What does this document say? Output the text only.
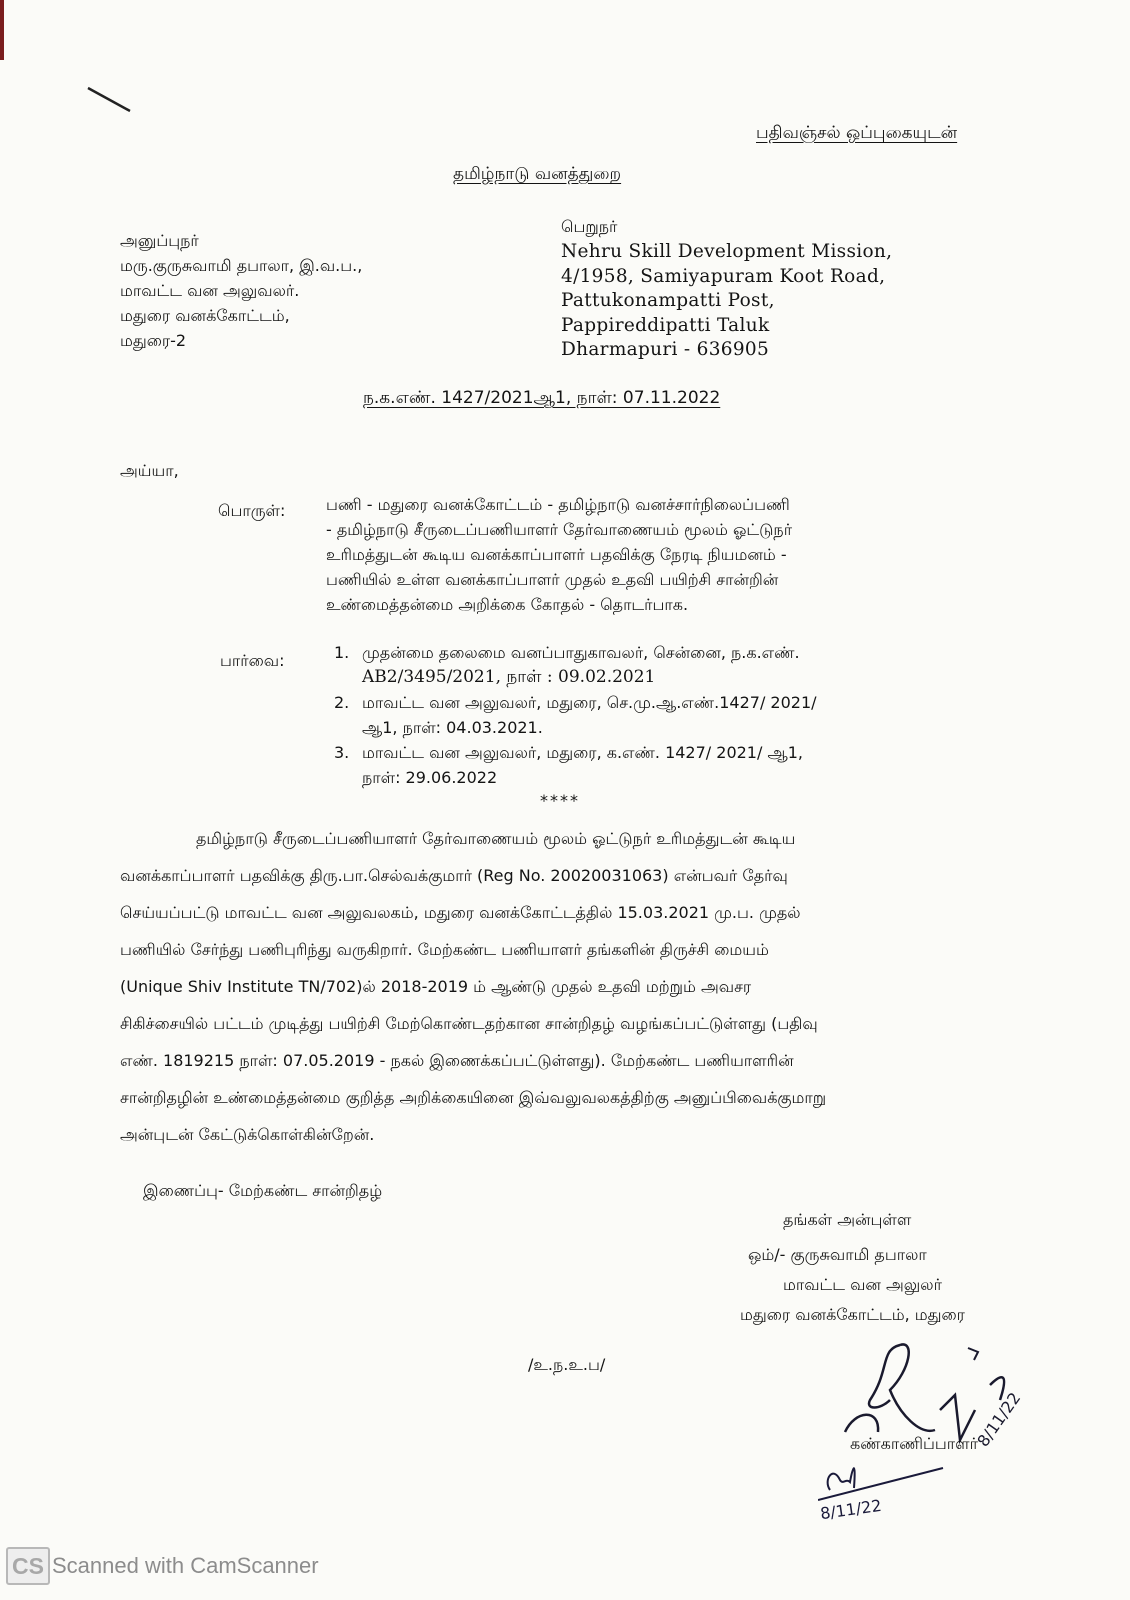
பதிவஞ்சல் ஒப்புகையுடன்
தமிழ்நாடு வனத்துறை
அனுப்புநர்
மரு.குருசுவாமி தபாலா, இ.வ.ப.,
மாவட்ட வன அலுவலர்.
மதுரை வனக்கோட்டம்,
மதுரை-2
பெறுநர்
Nehru Skill Development Mission,
4/1958, Samiyapuram Koot Road,
Pattukonampatti Post,
Pappireddipatti Taluk
Dharmapuri - 636905
ந.க.எண். 1427/2021ஆ1, நாள்: 07.11.2022
அய்யா,
பொருள்:	பணி - மதுரை வனக்கோட்டம் - தமிழ்நாடு வனச்சார்நிலைப்பணி
- தமிழ்நாடு சீருடைப்பணியாளர் தேர்வாணையம் மூலம் ஓட்டுநர்
உரிமத்துடன் கூடிய வனக்காப்பாளர் பதவிக்கு நேரடி நியமனம் -
பணியில் உள்ள வனக்காப்பாளர் முதல் உதவி பயிற்சி சான்றின்
உண்மைத்தன்மை அறிக்கை கோதல் - தொடர்பாக.
பார்வை:	1. முதன்மை தலைமை வனப்பாதுகாவலர், சென்னை, ந.க.எண்.
AB2/3495/2021, நாள் : 09.02.2021
2. மாவட்ட வன அலுவலர், மதுரை, செ.மு.ஆ.எண்.1427/ 2021/
ஆ1, நாள்: 04.03.2021.
3. மாவட்ட வன அலுவலர், மதுரை, க.எண். 1427/ 2021/ ஆ1,
நாள்: 29.06.2022
****
தமிழ்நாடு சீருடைப்பணியாளர் தேர்வாணையம் மூலம் ஓட்டுநர் உரிமத்துடன் கூடிய
வனக்காப்பாளர் பதவிக்கு திரு.பா.செல்வக்குமார் (Reg No. 20020031063) என்பவர் தேர்வு
செய்யப்பட்டு மாவட்ட வன அலுவலகம், மதுரை வனக்கோட்டத்தில் 15.03.2021 மு.ப. முதல்
பணியில் சேர்ந்து பணிபுரிந்து வருகிறார். மேற்கண்ட பணியாளர் தங்களின் திருச்சி மையம்
(Unique Shiv Institute TN/702)ல் 2018-2019 ம் ஆண்டு முதல் உதவி மற்றும் அவசர
சிகிச்சையில் பட்டம் முடித்து பயிற்சி மேற்கொண்டதற்கான சான்றிதழ் வழங்கப்பட்டுள்ளது (பதிவு
எண். 1819215 நாள்: 07.05.2019 - நகல் இணைக்கப்பட்டுள்ளது). மேற்கண்ட பணியாளரின்
சான்றிதழின் உண்மைத்தன்மை குறித்த அறிக்கையினை இவ்வலுவலகத்திற்கு அனுப்பிவைக்குமாறு
அன்புடன் கேட்டுக்கொள்கின்றேன்.
இணைப்பு- மேற்கண்ட சான்றிதழ்
தங்கள் அன்புள்ள
ஒம்/- குருசுவாமி தபாலா
மாவட்ட வன அலுலர்
மதுரை வனக்கோட்டம், மதுரை
/உ.ந.உ.ப/
கண்காணிப்பாளர்
8/11/22
8/11/22
CS Scanned with CamScanner
